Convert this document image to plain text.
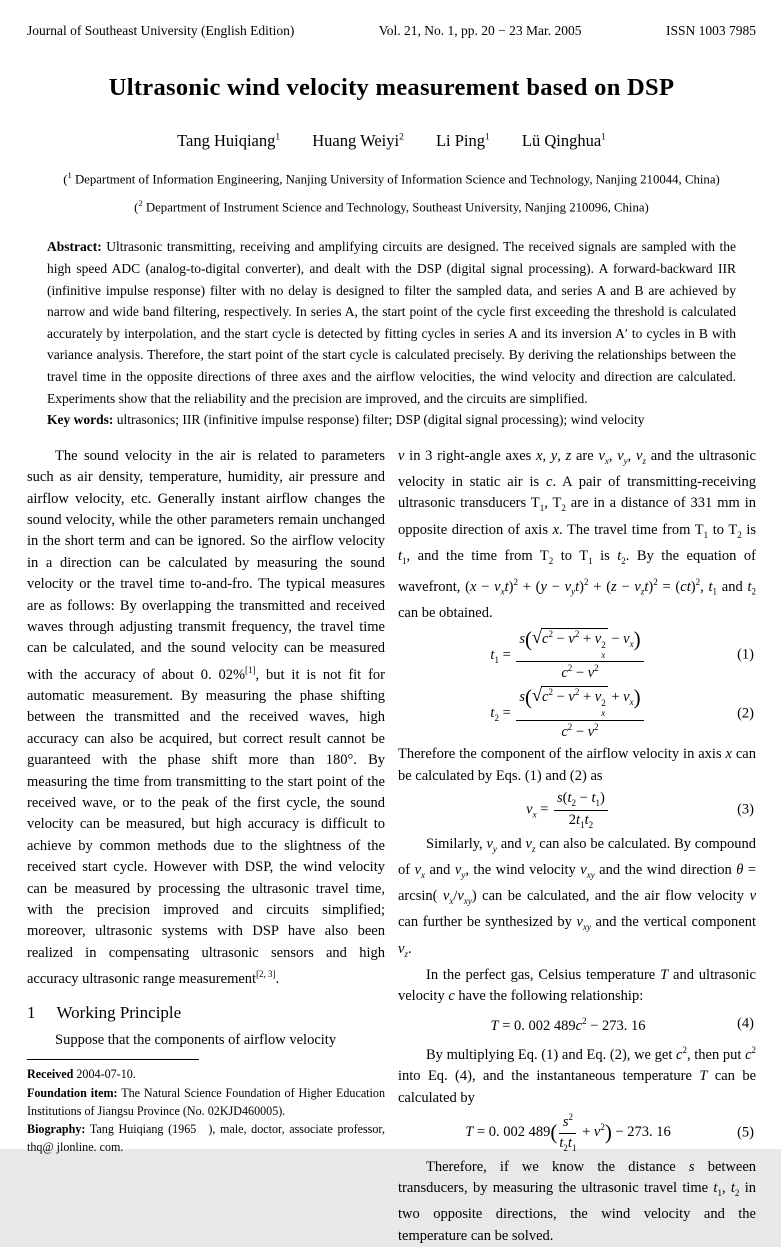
Journal of Southeast University (English Edition)	Vol. 21, No. 1, pp. 20 − 23 Mar. 2005	ISSN 1003 7985
Ultrasonic wind velocity measurement based on DSP
Tang Huiqiang$^1$ Huang Weiyi$^2$ Li Ping$^1$ Lü Qinghua$^1$
($^1$ Department of Information Engineering, Nanjing University of Information Science and Technology, Nanjing 210044, China)
($^2$ Department of Instrument Science and Technology, Southeast University, Nanjing 210096, China)

Abstract: Ultrasonic transmitting, receiving and amplifying circuits are designed. The received signals are sampled with the high speed ADC (analog-to-digital converter), and dealt with the DSP (digital signal processing). A forward-backward IIR (infinitive impulse response) filter with no delay is designed to filter the sampled data, and series A and B are achieved by narrow and wide band filtering, respectively. In series A, the start point of the cycle first exceeding the threshold is calculated accurately by interpolation, and the start cycle is detected by fitting cycles in series A and its inversion A′ to cycles in B with variance analysis. Therefore, the start point of the start cycle is calculated precisely. By deriving the relationships between the travel time in the opposite directions of three axes and the airflow velocities, the wind velocity and direction are calculated. Experiments show that the reliability and the precision are improved, and the circuits are simplified.

Key words: ultrasonics; IIR (infinitive impulse response) filter; DSP (digital signal processing); wind velocity

The sound velocity in the air is related to parameters such as air density, temperature, humidity, air pressure and airflow velocity, etc. Generally instant airflow changes the sound velocity, while the other parameters remain unchanged in the short term and can be ignored. So the airflow velocity in a direction can be calculated by measuring the sound velocity or the travel time to-and-fro. The typical measures are as follows: By overlapping the transmitted and received waves through adjusting transmit frequency, the travel time can be calculated, and the sound velocity can be measured with the accuracy of about 0. 02%[1], but it is not fit for automatic measurement. By measuring the phase shifting between the transmitted and the received waves, high accuracy can also be acquired, but correct result cannot be guaranteed with the phase shift more than 180°. By measuring the time from transmitting to the start point of the received wave, or to the peak of the first cycle, the sound velocity can be measured, but high accuracy is difficult to achieve by common methods due to the slightness of the received start cycle. However with DSP, the wind velocity can be measured by processing the ultrasonic travel time, with the precision improved and circuits simplified; moreover, ultrasonic systems with DSP have also been realized in compensating ultrasonic sensors and high accuracy ultrasonic range measurement[2, 3].

1 Working Principle

Suppose that the components of airflow velocity

Received 2004-07-10.

Foundation item: The Natural Science Foundation of Higher Education Institutions of Jiangsu Province (No. 02KJD460005).

Biography: Tang Huiqiang (1965 ), male, doctor, associate professor, thq@ jlonline. com.

v in 3 right-angle axes x, y, z are $v_x$, $v_y$, $v_z$ and the ultrasonic velocity in static air is c. A pair of transmitting-receiving ultrasonic transducers $T_1$, $T_2$ are in a distance of 331 mm in opposite direction of axis x. The travel time from $T_1$ to $T_2$ is $t_1$, and the time from $T_2$ to $T_1$ is $t_2$. By the equation of wavefront, $(x - v_xt)^2 + (y - v_yt)^2 + (z - v_zt)^2 = (ct)^2$, $t_1$ and $t_2$ can be obtained.

$t_1 = s$( √ $c^2 - v^2 + v$ 2
x
− $v_x$)
$c^2 - v^2$	(1)
$t_2 = s$( √ $c^2 - v^2 + v$ 2
x
+ $v_x$)
$c^2 - v^2$	(2)

Therefore the component of the airflow velocity in axis x can be calculated by Eqs. (1) and (2) as

$v_x = \frac{s(t_2 - t_1)}{2t_1t_2}$	(3)

Similarly, $v_y$ and $v_z$ can also be calculated. By compound of $v_x$ and $v_y$, the wind velocity $v_{xy}$ and the wind direction θ = arcsin( $v_x/v_{xy}$) can be calculated, and the air flow velocity v can further be synthesized by $v_{xy}$ and the vertical component $v_z$.

In the perfect gas, Celsius temperature T and ultrasonic velocity c have the following relationship:

T = 0. 002 $489c^2 - 273$. 16	(4)

By multiplying Eq. (1) and Eq. (2), we get $c^2$, then put $c^2$ into Eq. (4), and the instantaneous temperature T can be calculated by

T = 0. 002 $489( \frac{s^2}{t_2t_1} + v^2) - 273$. 16	(5)

Therefore, if we know the distance s between transducers, by measuring the ultrasonic travel time $t_1$, $t_2$ in two opposite directions, the wind velocity and the temperature can be solved.
